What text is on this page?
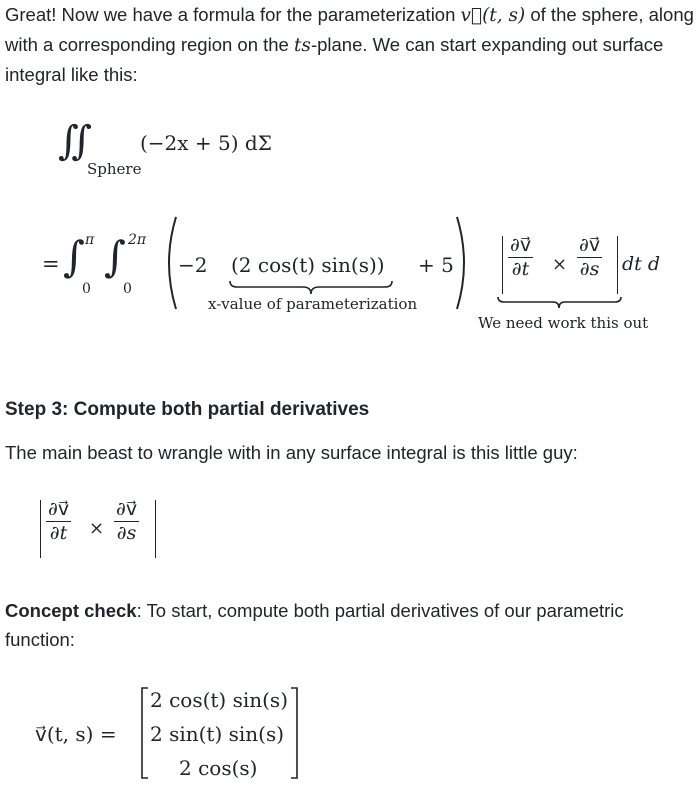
Great! Now we have a formula for the parameterization v⃗(t, s) of the sphere, along with a corresponding region on the ts-plane. We can start expanding out surface integral like this:

∬
Sphere
(−2x + 5) dΣ
= ∫ π
0
∫ 2π
0
−2 (2 cos(t) sin(s))
x-value of parameterization
+ 5	$\frac{\partial v⃗}{\partial t} \times \frac{\partial v⃗}{\partial s}$ dt d
We need work this out

Step 3: Compute both partial derivatives

The main beast to wrangle with in any surface integral is this little guy:

$\frac{\partial v⃗}{\partial t} \times \frac{\partial v⃗}{\partial s}$

Concept check: To start, compute both partial derivatives of our parametric function:

v⃗(t, s) =
2 cos(t) sin(s)
2 sin(t) sin(s)
2 cos(s)
